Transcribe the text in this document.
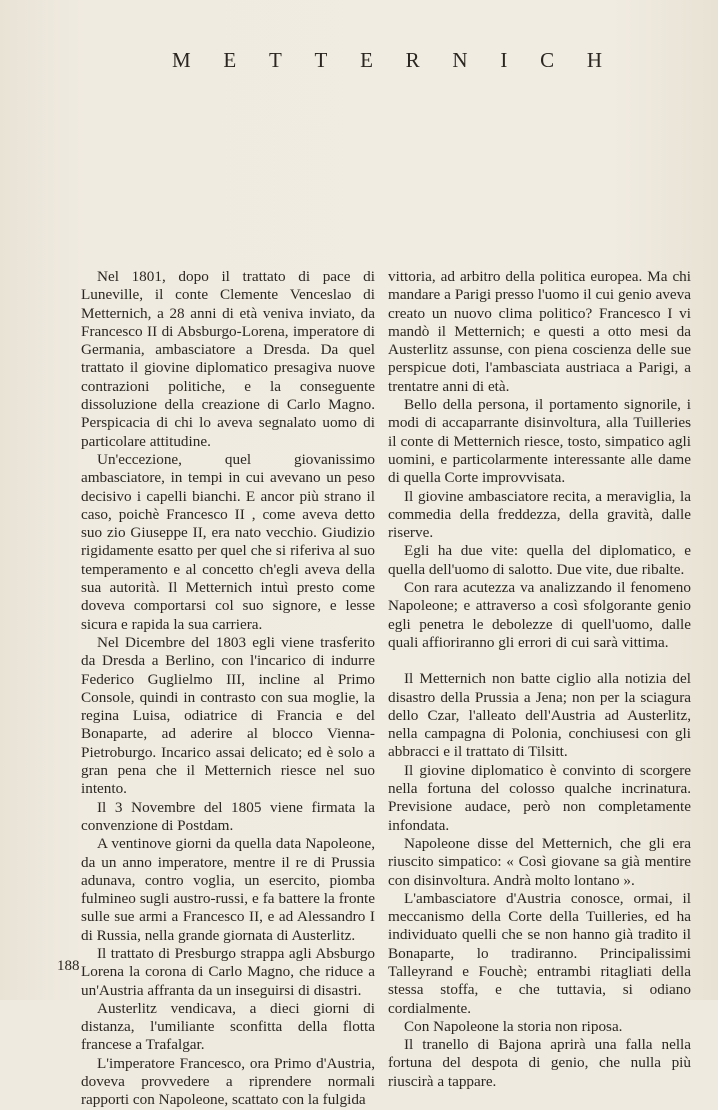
M E T T E R N I C H

Nel 1801, dopo il trattato di pace di Luneville, il conte Clemente Venceslao di Metternich, a 28 anni di età veniva inviato, da Francesco II di Absburgo-Lorena, imperatore di Germania, ambasciatore a Dresda. Da quel trattato il giovine diplomatico presagiva nuove contrazioni politiche, e la conseguente dissoluzione della creazione di Carlo Magno. Perspicacia di chi lo aveva segnalato uomo di particolare attitudine.

Un'eccezione, quel giovanissimo ambasciatore, in tempi in cui avevano un peso decisivo i capelli bianchi. E ancor più strano il caso, poichè Francesco II , come aveva detto suo zio Giuseppe II, era nato vecchio. Giudizio rigidamente esatto per quel che si riferiva al suo temperamento e al concetto ch'egli aveva della sua autorità. Il Metternich intuì presto come doveva comportarsi col suo signore, e lesse sicura e rapida la sua carriera.

Nel Dicembre del 1803 egli viene trasferito da Dresda a Berlino, con l'incarico di indurre Federico Guglielmo III, incline al Primo Console, quindi in contrasto con sua moglie, la regina Luisa, odiatrice di Francia e del Bonaparte, ad aderire al blocco Vienna-Pietroburgo. Incarico assai delicato; ed è solo a gran pena che il Metternich riesce nel suo intento.

Il 3 Novembre del 1805 viene firmata la convenzione di Postdam.

A ventinove giorni da quella data Napoleone, da un anno imperatore, mentre il re di Prussia adunava, contro voglia, un esercito, piomba fulmineo sugli austro-russi, e fa battere la fronte sulle sue armi a Francesco II, e ad Alessandro I di Russia, nella grande giornata di Austerlitz.

Il trattato di Presburgo strappa agli Absburgo Lorena la corona di Carlo Magno, che riduce a un'Austria affranta da un inseguirsi di disastri.

Austerlitz vendicava, a dieci giorni di distanza, l'umiliante sconfitta della flotta francese a Trafalgar.

L'imperatore Francesco, ora Primo d'Austria, doveva provvedere a riprendere normali rapporti con Napoleone, scattato con la fulgida

vittoria, ad arbitro della politica europea. Ma chi mandare a Parigi presso l'uomo il cui genio aveva creato un nuovo clima politico? Francesco I vi mandò il Metternich; e questi a otto mesi da Austerlitz assunse, con piena coscienza delle sue perspicue doti, l'ambasciata austriaca a Parigi, a trentatre anni di età.

Bello della persona, il portamento signorile, i modi di accaparrante disinvoltura, alla Tuilleries il conte di Metternich riesce, tosto, simpatico agli uomini, e particolarmente interessante alle dame di quella Corte improvvisata.

Il giovine ambasciatore recita, a meraviglia, la commedia della freddezza, della gravità, dalle riserve.

Egli ha due vite: quella del diplomatico, e quella dell'uomo di salotto. Due vite, due ribalte.

Con rara acutezza va analizzando il fenomeno Napoleone; e attraverso a così sfolgorante genio egli penetra le debolezze di quell'uomo, dalle quali affioriranno gli errori di cui sarà vittima.

Il Metternich non batte ciglio alla notizia del disastro della Prussia a Jena; non per la sciagura dello Czar, l'alleato dell'Austria ad Austerlitz, nella campagna di Polonia, conchiusesi con gli abbracci e il trattato di Tilsitt.

Il giovine diplomatico è convinto di scorgere nella fortuna del colosso qualche incrinatura. Previsione audace, però non completamente infondata.

Napoleone disse del Metternich, che gli era riuscito simpatico: « Così giovane sa già mentire con disinvoltura. Andrà molto lontano ».

L'ambasciatore d'Austria conosce, ormai, il meccanismo della Corte della Tuilleries, ed ha individuato quelli che se non hanno già tradito il Bonaparte, lo tradiranno. Principalissimi Talleyrand e Fouchè; entrambi ritagliati della stessa stoffa, e che tuttavia, si odiano cordialmente.

Con Napoleone la storia non riposa.

Il tranello di Bajona aprirà una falla nella fortuna del despota di genio, che nulla più riuscirà a tappare.

188
